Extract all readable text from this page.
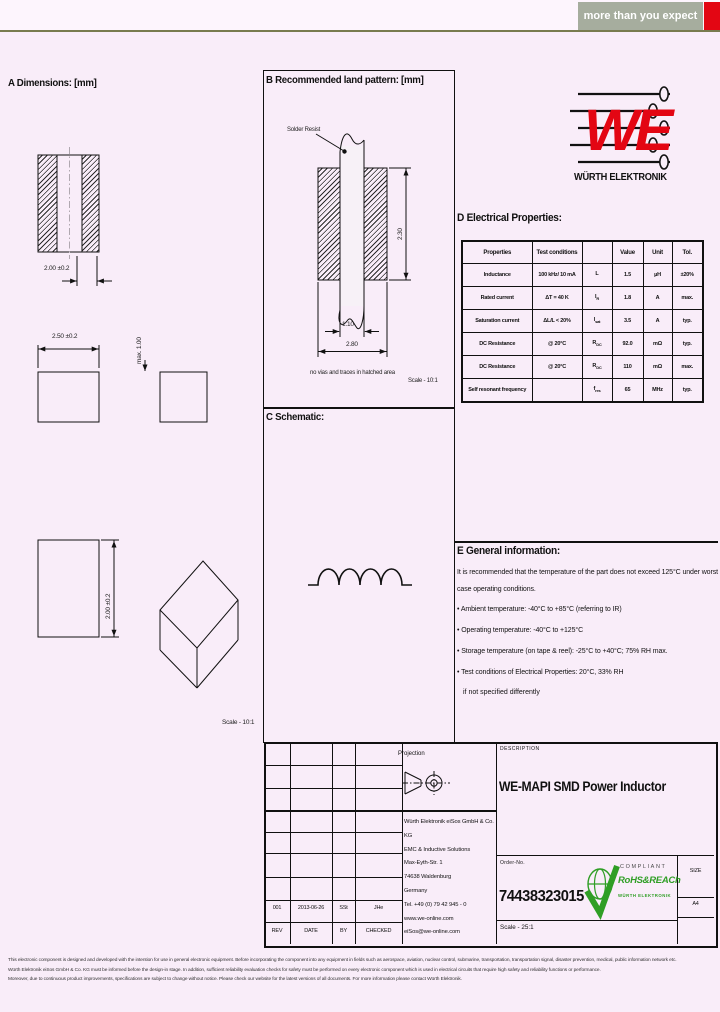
more than you expect
WE
A Dimensions: [mm]
2.00 ±0.2
2.50 ±0.2
max. 1.00
2.00 ±0.2
Scale - 10:1
B Recommended land pattern: [mm]
Solder Resist
2.30
1.10
2.80
no vias and traces in hatched area
Scale - 10:1
C Schematic:
WÜRTH ELEKTRONIK
D Electrical Properties:
Properties	Test conditions		Value	Unit	Tol.
Inductance	100 kHz/ 10 mA	L	1.5	µH	±20%
Rated current	ΔT = 40 K	$I_R$	1.8	A	max.
Saturation current	ΔL/L < 20%	$I_{sat}$	3.5	A	typ.
DC Resistance	@ 20°C	$R_{DC}$	92.0	mΩ	typ.
DC Resistance	@ 20°C	$R_{DC}$	110	mΩ	max.
Self resonant frequency		$f_{res}$	65	MHz	typ.
E General information:
It is recommended that the temperature of the part does not exceed 125°C under worst case operating conditions.
• Ambient temperature: -40°C to +85°C (referring to IR)
• Operating temperature: -40°C to +125°C
• Storage temperature (on tape & reel): -25°C to +40°C; 75% RH max.
• Test conditions of Electrical Properties: 20°C, 33% RH
if not specified differently
Projection
Würth Elektronik eiSos GmbH & Co. KG
EMC & Inductive Solutions
Max-Eyth-Str. 1
74638 Waldenburg
Germany
Tel. +49 (0) 79 42 945 - 0
www.we-online.com
eiSos@we-online.com
001	2013-06-26	SSt	JHe
REV	DATE	BY	CHECKED
DESCRIPTION
WE-MAPI SMD Power Inductor
Order-No.
74438323015
COMPLIANT
RoHS&REACh
WÜRTH ELEKTRONIK
SIZE
A4
Scale - 25:1
This electronic component is designed and developed with the intention for use in general electronic equipment. Before incorporating the component into any equipment in fields such as aerospace, aviation, nuclear control, submarine, transportation, transportation signal, disaster prevention, medical, public information network etc.
Würth Elektronik eiSos GmbH & Co. KG must be informed before the design-in stage. In addition, sufficient reliability evaluation checks for safety must be performed on every electronic component which is used in electrical circuits that require high safety and reliability functions or performance.
Moreover, due to continuous product improvements, specifications are subject to change without notice. Please check our website for the latest versions of all documents. For more information please contact Würth Elektronik.
